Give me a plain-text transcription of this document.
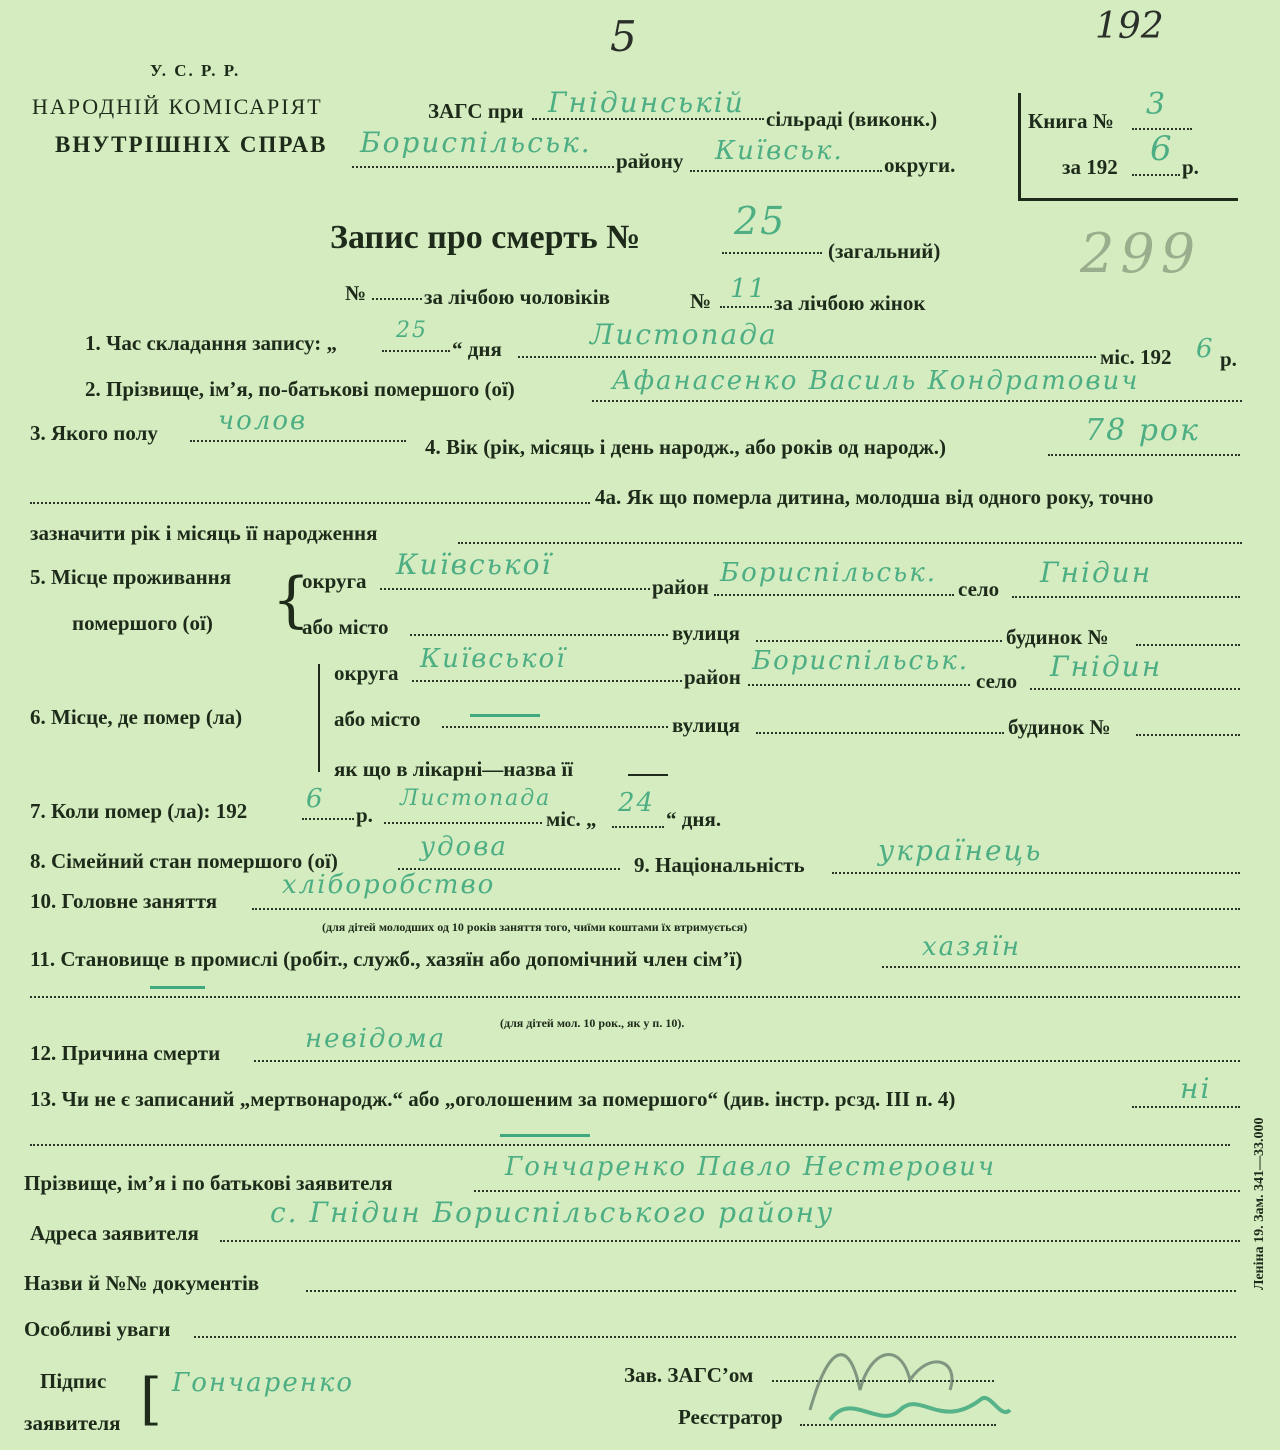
У. С. Р. Р.
НАРОДНІЙ КОМІСАРІЯТ
ВНУТРІШНІХ СПРАВ
ЗАГС при Гнідинській сільраді (виконк.)
Бориспільськ.
району Київськ. округи.
5	192
Книга № 3
за 192 6 р.
Запис про смерть № 25
(загальний)	299
№	за лічбою чоловіків	№ 11 за лічбою жінок
1. Час складання запису: „	25
“ дня	Листопада
міс. 192 6 р.
2. Прізвище, ім’я, по-батькові помершого (ої)	Афанасенко Василь Кондратович
3. Якого полу чолов
4. Вік (рік, місяць і день народж., або років од народж.)	78 рок
4а. Як що померла дитина, молодша від одного року, точно
зазначити рік і місяць її народження
5. Місце проживання
помершого (ої) {
округа Київської
район Бориспільськ.
село Гнідин
або місто	вулиця	будинок №
6. Місце, де помер (ла)
округа Київської
район
Бориспільськ.
село Гнідин
або місто	вулиця	будинок №
як що в лікарні—назва її
7. Коли помер (ла): 192 6
р.
Листопада
міс. „
24
“ дня.
8. Сімейний стан помершого (ої)	удова
9. Національність	українець
10. Головне заняття
хліборобство
(для дітей молодших од 10 років заняття того, чиїми коштами їх втримується)
11. Становище в промислі (робіт., служб., хазяїн або допомічний член сім’ї)	хазяїн
(для дітей мол. 10 рок., як у п. 10).
12. Причина смерти	невідома
13. Чи не є записаний „мертвонародж.“ або „оголошеним за помершого“ (див. інстр. рсзд. III п. 4)	ні
Прізвище, ім’я і по батькові заявителя
Гончаренко Павло Нестерович
Адреса заявителя
с. Гнідин Бориспільського району
Назви й №№ документів
Особливі уваги
Підпис
заявителя [ Гончаренко	Зав. ЗАГС’ом
Реєстратор
Леніна 19. Зам. 341—33.000
